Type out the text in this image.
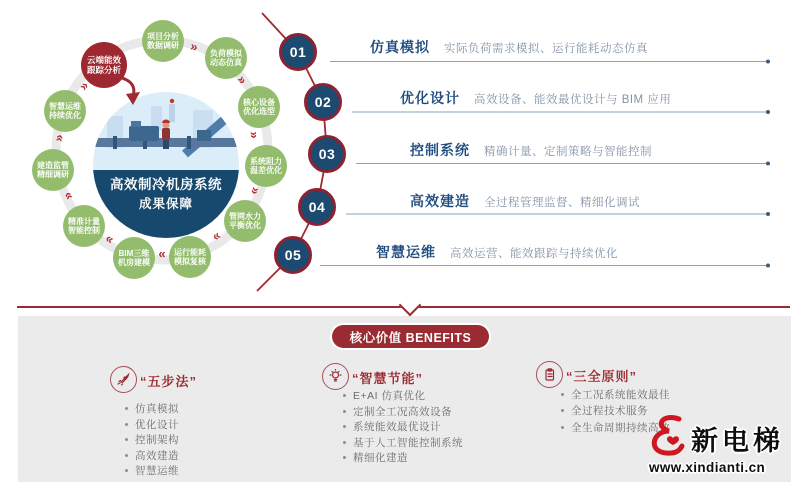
高效制冷机房系统
成果保障
项目分析
数据调研
负荷模拟
动态仿真
核心设备
优化选型
系统阻力
温差优化
管网水力
平衡优化
运行能耗
模拟复核
BIM三维
机房建模
精准计量
智能控制
建造监管
精细调研
智慧运维
持续优化
云端能效
跟踪分析
»
»
»
»
»
»
»
»
»
»
01
02
03
04
05
仿真模拟 实际负荷需求模拟、运行能耗动态仿真
优化设计 高效设备、能效最优设计与 BIM 应用
控制系统 精确计量、定制策略与智能控制
高效建造 全过程管理监督、精细化调试
智慧运维 高效运营、能效跟踪与持续优化
核心价值 BENEFITS
“五步法”
仿真模拟
优化设计
控制架构
高效建造
智慧运维
“智慧节能”
E+AI 仿真优化
定制全工况高效设备
系统能效最优设计
基于人工智能控制系统
精细化建造
“三全原则”
全工况系统能效最佳
全过程技术服务
全生命周期持续高效 新电梯
www.xindianti.cn
